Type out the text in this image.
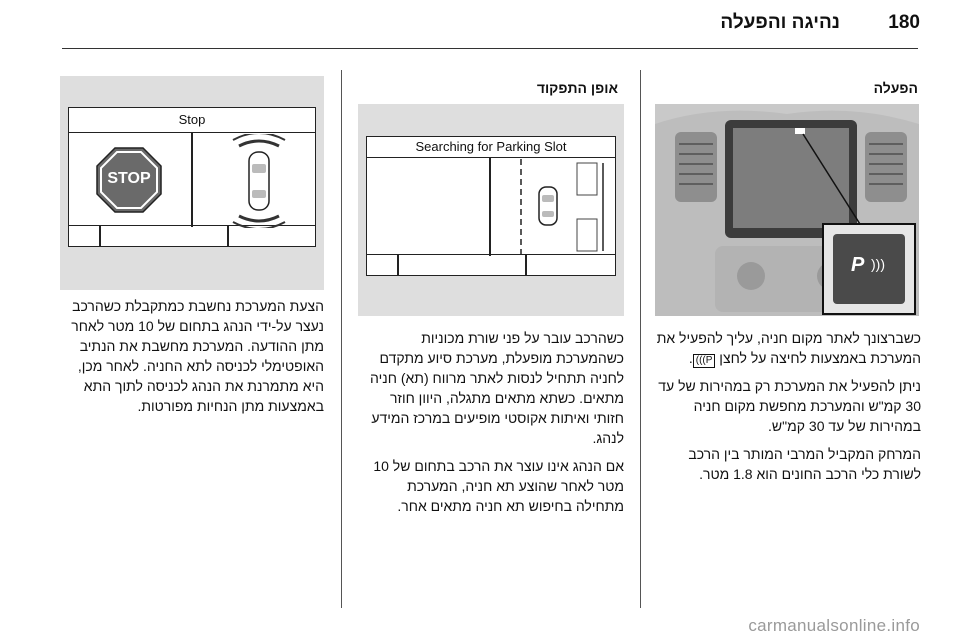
נהיגה והפעלה	180
הפעלה
P )))

כשברצונך לאתר מקום חניה, עליך להפעיל את המערכת באמצעות לחיצה על לחצן P))).

ניתן להפעיל את המערכת רק במהירות של עד 30 קמ"ש והמערכת מחפשת מקום חניה במהירות של עד 30 קמ"ש.

המרחק המקביל המרבי המותר בין הרכב לשורת כלי הרכב החונים הוא 1.8 מטר.

אופן התפקוד
Searching for Parking Slot

כשהרכב עובר על פני שורת מכוניות כשהמערכת מופעלת, מערכת סיוע מתקדם לחניה תתחיל לנסות לאתר מרווח (תא) חניה מתאים. כשתא מתאים מתגלה, היוון חוזר חזותי ואיתות אקוסטי מופיעים במרכז המידע לנהג.

אם הנהג אינו עוצר את הרכב בתחום של 10 מטר לאחר שהוצע תא חניה, המערכת מתחילה בחיפוש תא חניה מתאים אחר.

Stop
STOP

הצעת המערכת נחשבת כמתקבלת כשהרכב נעצר על-ידי הנהג בתחום של 10 מטר לאחר מתן ההודעה. המערכת מחשבת את הנתיב האופטימלי לכניסה לתא החניה. לאחר מכן, היא מתמרנת את הנהג לכניסה לתוך התא באמצעות מתן הנחיות מפורטות.

carmanualsonline.info
